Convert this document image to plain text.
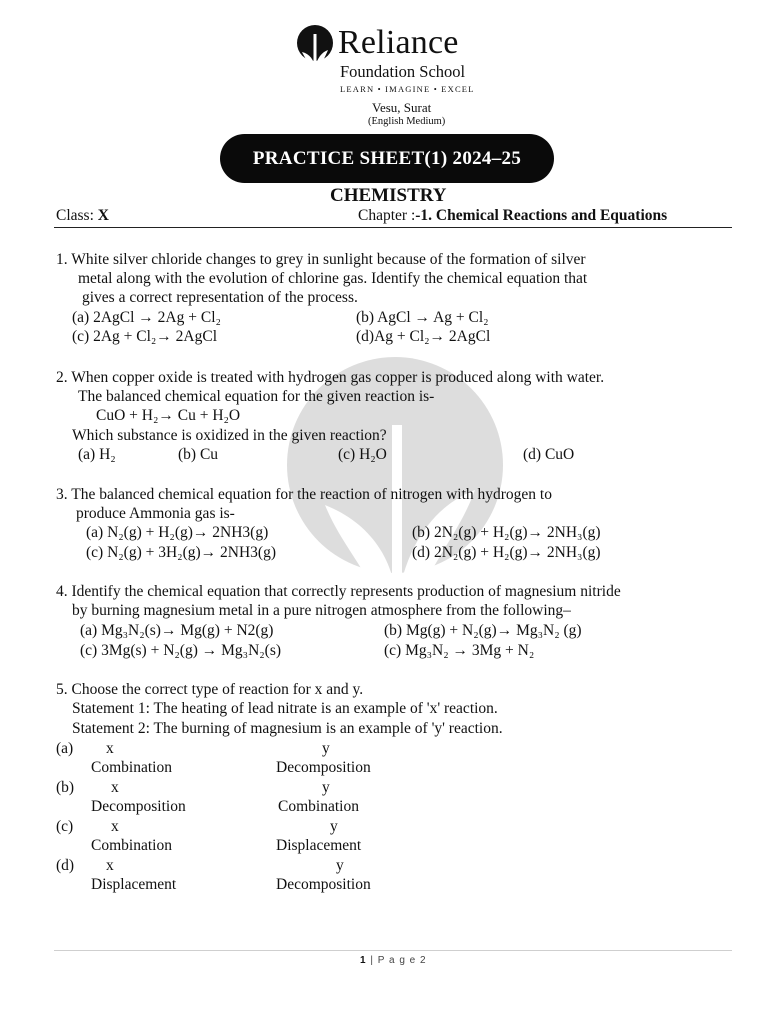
Reliance
Foundation School
LEARN • IMAGINE • EXCEL
Vesu, Surat
(English Medium)
PRACTICE SHEET(1) 2024–25
CHEMISTRY
Class: X	Chapter :-1. Chemical Reactions and Equations
1. White silver chloride changes to grey in sunlight because of the formation of silver
metal along with the evolution of chlorine gas. Identify the chemical equation that
gives a correct representation of the process.
(a) 2AgCl → 2Ag + Cl₂	(b) AgCl → Ag + Cl₂
(c) 2Ag + Cl₂→ 2AgCl	(d)Ag + Cl₂→ 2AgCl
2. When copper oxide is treated with hydrogen gas copper is produced along with water.
The balanced chemical equation for the given reaction is-
CuO + H₂→ Cu + H₂O
Which substance is oxidized in the given reaction?
(a) H₂	(b) Cu	(c) H₂O	(d) CuO
3. The balanced chemical equation for the reaction of nitrogen with hydrogen to
produce Ammonia gas is-
(a) N₂(g) + H₂(g)→ 2NH3(g)	(b) 2N₂(g) + H₂(g)→ 2NH₃(g)
(c) N₂(g) + 3H₂(g)→ 2NH3(g)	(d) 2N₂(g) + H₂(g)→ 2NH₃(g)
4. Identify the chemical equation that correctly represents production of magnesium nitride
by burning magnesium metal in a pure nitrogen atmosphere from the following–
(a) Mg₃N₂(s)→ Mg(g) + N2(g)	(b) Mg(g) + N₂(g)→ Mg₃N₂ (g)
(c) 3Mg(s) + N₂(g) → Mg₃N₂(s)	(c) Mg₃N₂ → 3Mg + N₂
5. Choose the correct type of reaction for x and y.
Statement 1: The heating of lead nitrate is an example of 'x' reaction.
Statement 2: The burning of magnesium is an example of 'y' reaction.
(a) x	y
Combination	Decomposition
(b) x	y
Decomposition	Combination
(c) x	y
Combination	Displacement
(d) x	y
Displacement	Decomposition
1 | P a g e 2
